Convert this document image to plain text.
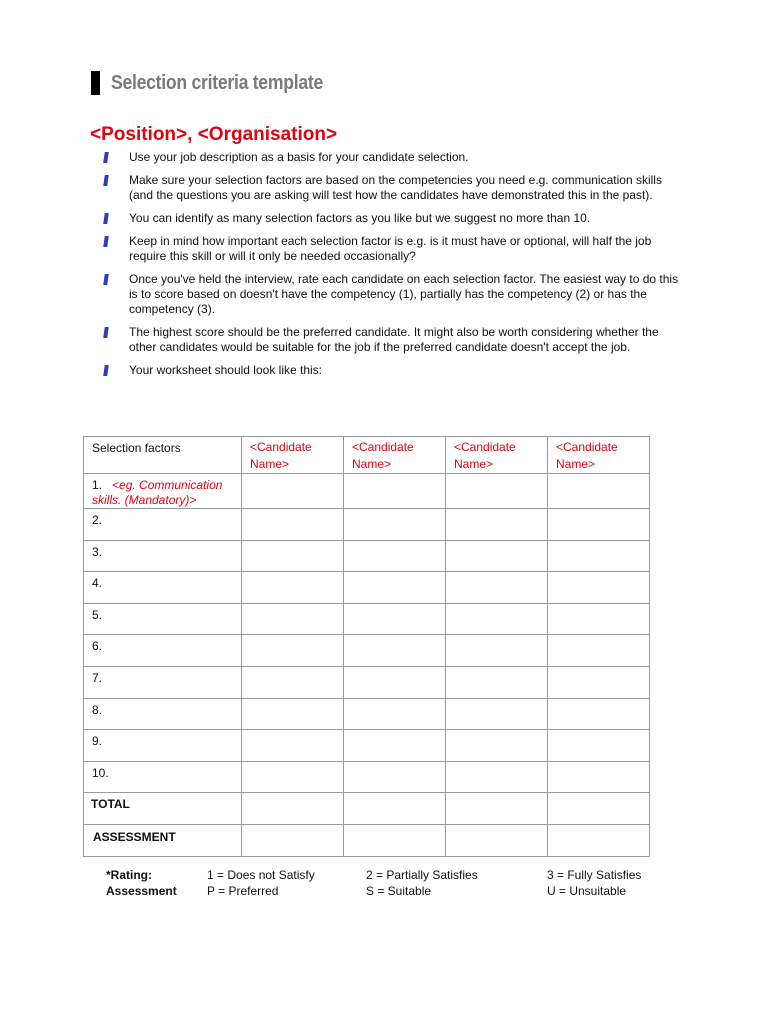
Selection criteria template
<Position>, <Organisation>
Use your job description as a basis for your candidate selection.
Make sure your selection factors are based on the competencies you need e.g. communication skills (and the questions you are asking will test how the candidates have demonstrated this in the past).
You can identify as many selection factors as you like but we suggest no more than 10.
Keep in mind how important each selection factor is e.g. is it must have or optional, will half the job require this skill or will it only be needed occasionally?
Once you've held the interview, rate each candidate on each selection factor. The easiest way to do this is to score based on doesn't have the competency (1), partially has the competency (2) or has the competency (3).
The highest score should be the preferred candidate. It might also be worth considering whether the other candidates would be suitable for the job if the preferred candidate doesn't accept the job.
Your worksheet should look like this:
Selection factors	<Candidate Name>	<Candidate Name>	<Candidate Name>	<Candidate Name>
1. <eg. Communication skills. (Mandatory)>				
2.				
3.				
4.				
5.				
6.				
7.				
8.				
9.				
10.				
TOTAL				
ASSESSMENT				
*Rating:	1 = Does not Satisfy	2 = Partially Satisfies	3 = Fully Satisfies
Assessment	P = Preferred	S = Suitable	U = Unsuitable
